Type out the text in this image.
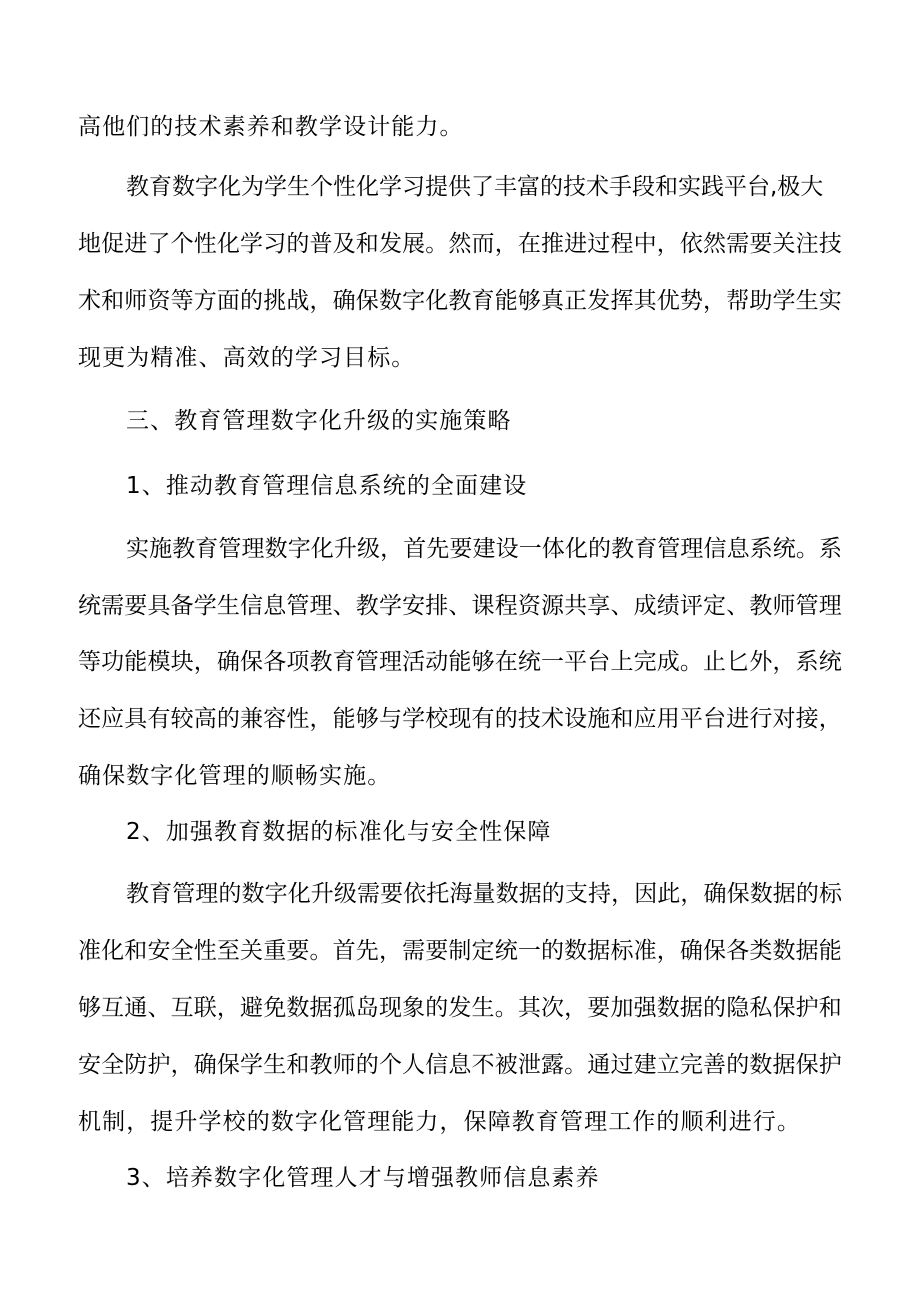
高他们的技术素养和教学设计能力。
教育数字化为学生个性化学习提供了丰富的技术手段和实践平台,极大
地促进了个性化学习的普及和发展。然而，在推进过程中，依然需要关注技
术和师资等方面的挑战，确保数字化教育能够真正发挥其优势，帮助学生实
现更为精准、高效的学习目标。
三、教育管理数字化升级的实施策略
1、推动教育管理信息系统的全面建设
实施教育管理数字化升级，首先要建设一体化的教育管理信息系统。系
统需要具备学生信息管理、教学安排、课程资源共享、成绩评定、教师管理
等功能模块，确保各项教育管理活动能够在统一平台上完成。止匕外，系统
还应具有较高的兼容性，能够与学校现有的技术设施和应用平台进行对接，
确保数字化管理的顺畅实施。
2、加强教育数据的标准化与安全性保障
教育管理的数字化升级需要依托海量数据的支持，因此，确保数据的标
准化和安全性至关重要。首先，需要制定统一的数据标准，确保各类数据能
够互通、互联，避免数据孤岛现象的发生。其次，要加强数据的隐私保护和
安全防护，确保学生和教师的个人信息不被泄露。通过建立完善的数据保护
机制，提升学校的数字化管理能力，保障教育管理工作的顺利进行。
3、培养数字化管理人才与增强教师信息素养
